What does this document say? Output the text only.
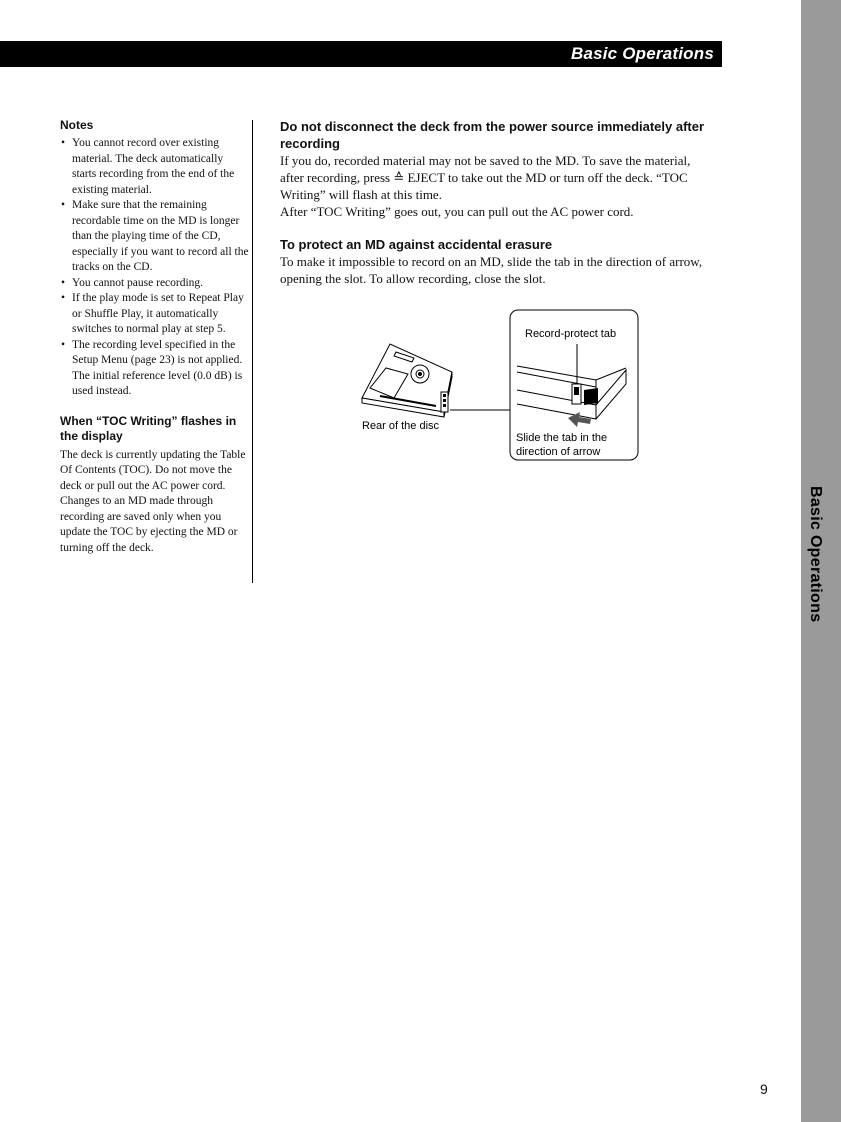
Basic Operations
Basic Operations

Notes

• You cannot record over existing material. The deck automatically starts recording from the end of the existing material.
• Make sure that the remaining recordable time on the MD is longer than the playing time of the CD, especially if you want to record all the tracks on the CD.
• You cannot pause recording.
• If the play mode is set to Repeat Play or Shuffle Play, it automatically switches to normal play at step 5.
• The recording level specified in the Setup Menu (page 23) is not applied. The initial reference level (0.0 dB) is used instead.

When “TOC Writing” flashes in the display

The deck is currently updating the Table Of Contents (TOC). Do not move the deck or pull out the AC power cord. Changes to an MD made through recording are saved only when you update the TOC by ejecting the MD or turning off the deck.

Do not disconnect the deck from the power source immediately after recording

If you do, recorded material may not be saved to the MD. To save the material, after recording, press ≙ EJECT to take out the MD or turn off the deck. “TOC Writing” will flash at this time.

After “TOC Writing” goes out, you can pull out the AC power cord.

To protect an MD against accidental erasure

To make it impossible to record on an MD, slide the tab in the direction of arrow, opening the slot. To allow recording, close the slot.

Record-protect tab
Rear of the disc
Slide the tab in the direction of arrow
9
